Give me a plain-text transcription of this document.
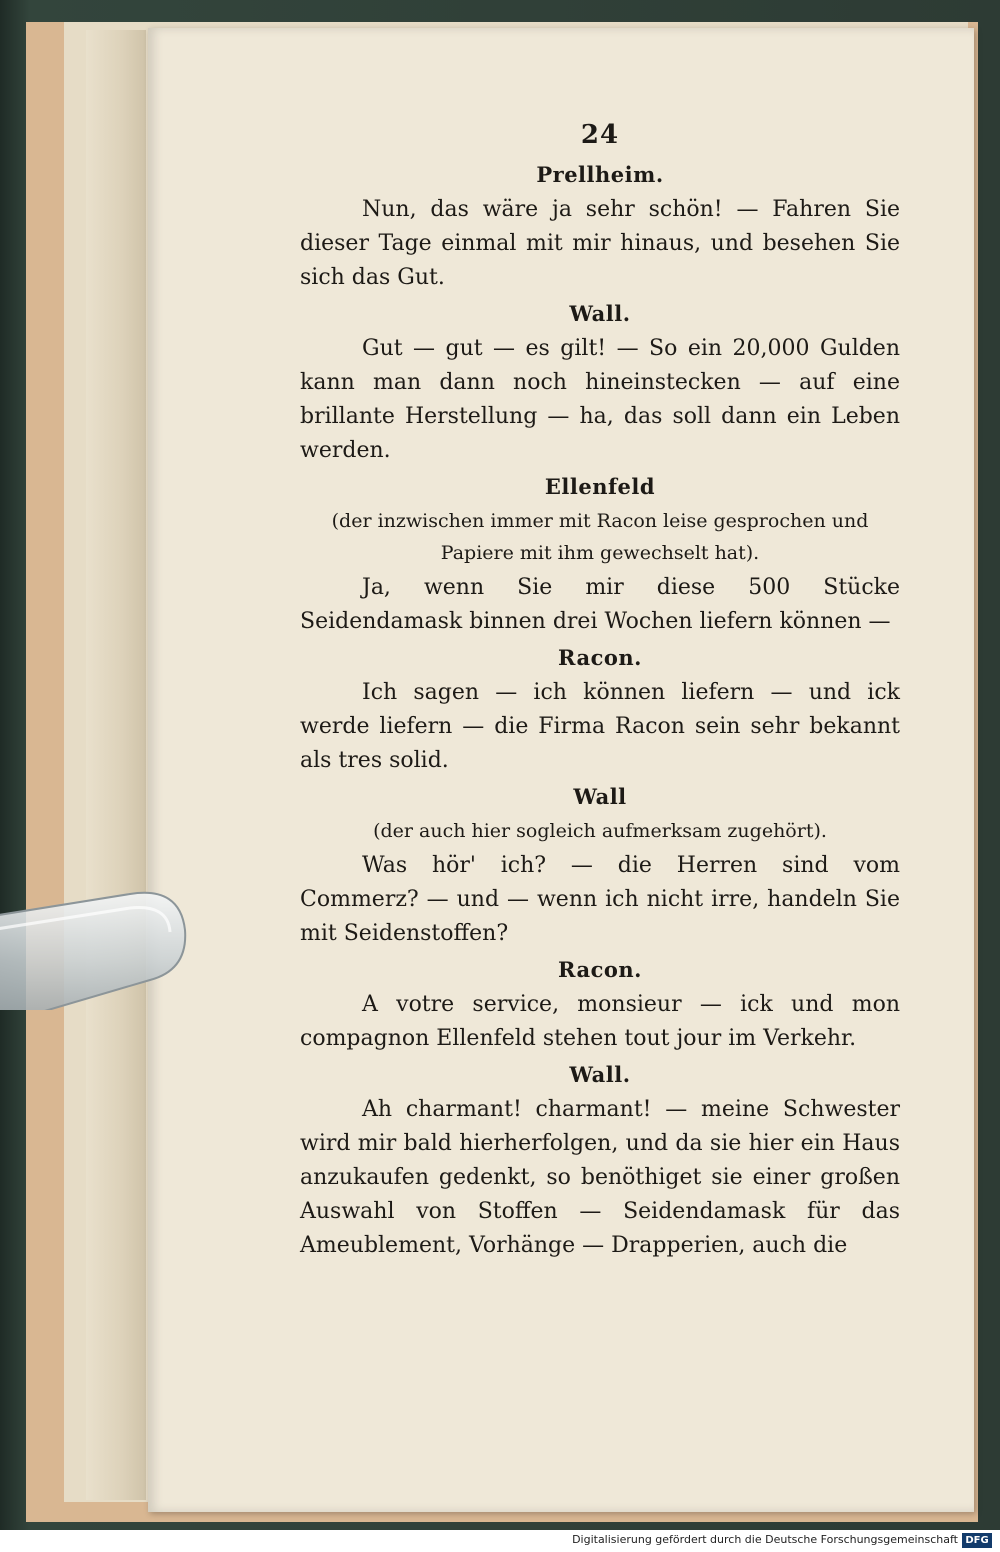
24
Prellheim.

Nun, das wäre ja sehr schön! — Fahren Sie dieser Tage einmal mit mir hinaus, und besehen Sie sich das Gut.

Wall.

Gut — gut — es gilt! — So ein 20,000 Gulden kann man dann noch hineinstecken — auf eine brillante Herstellung — ha, das soll dann ein Leben werden.

Ellenfeld

(der inzwischen immer mit Racon leise gesprochen und Papiere mit ihm gewechselt hat).

Ja, wenn Sie mir diese 500 Stücke Seidendamask binnen drei Wochen liefern können —

Racon.

Ich sagen — ich können liefern — und ick werde liefern — die Firma Racon sein sehr bekannt als tres solid.

Wall

(der auch hier sogleich aufmerksam zugehört).

Was hör' ich? — die Herren sind vom Commerz? — und — wenn ich nicht irre, handeln Sie mit Seidenstoffen?

Racon.

A votre service, monsieur — ick und mon compagnon Ellenfeld stehen tout jour im Verkehr.

Wall.

Ah charmant! charmant! — meine Schwester wird mir bald hierherfolgen, und da sie hier ein Haus anzukaufen gedenkt, so benöthiget sie einer großen Auswahl von Stoffen — Seidendamask für das Ameublement, Vorhänge — Drapperien, auch die

Digitalisierung gefördert durch die Deutsche Forschungsgemeinschaft DFG
